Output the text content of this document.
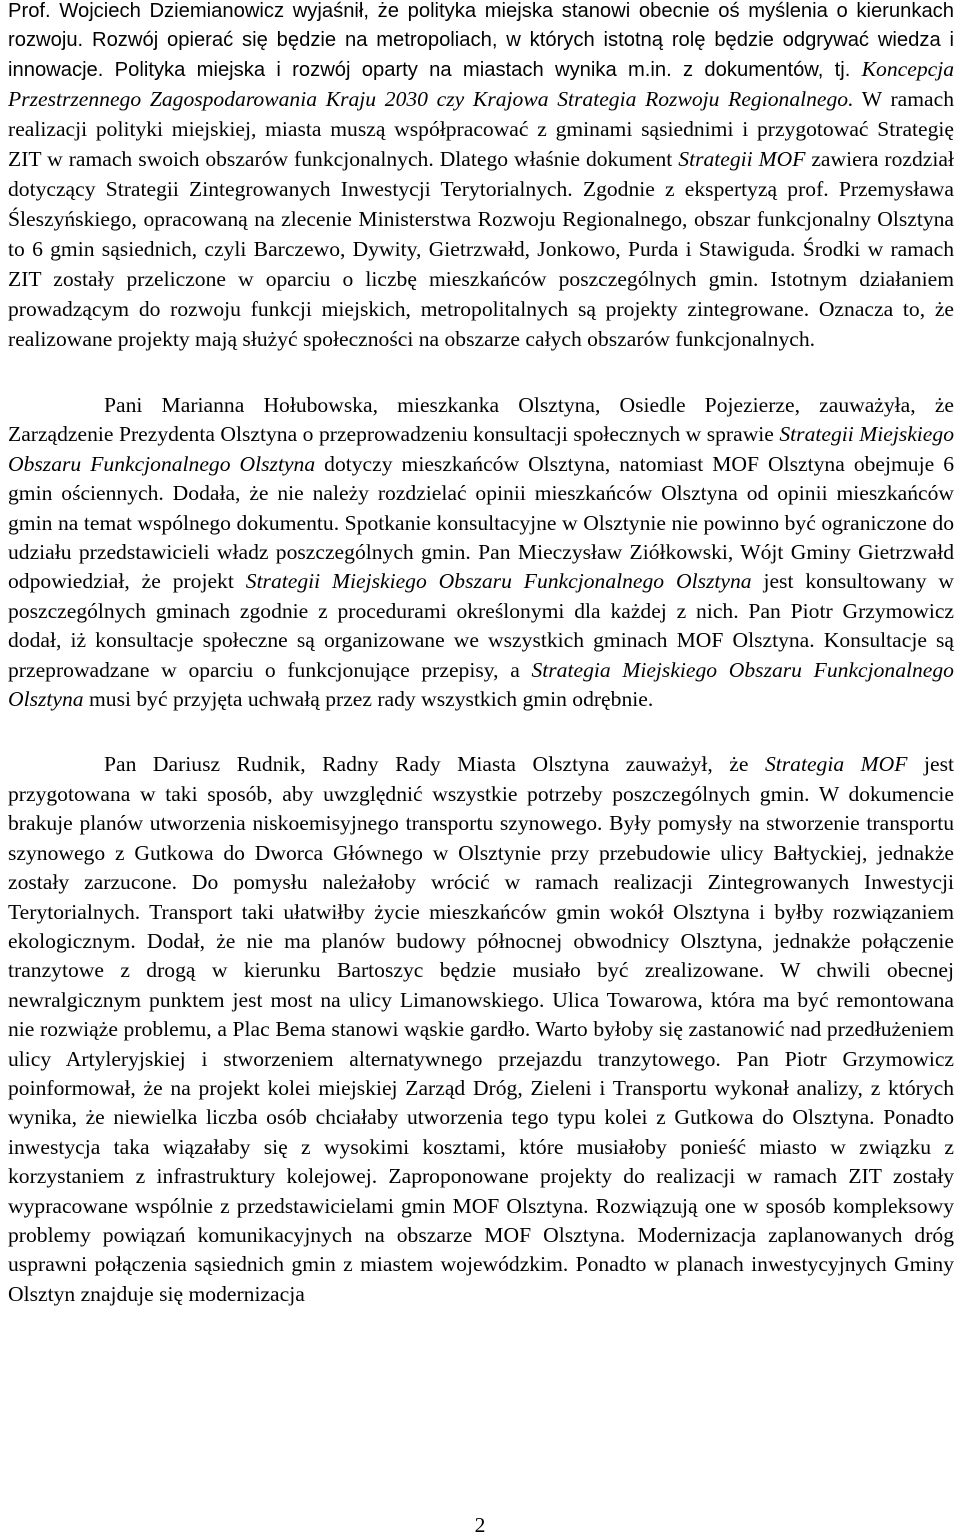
Prof. Wojciech Dziemianowicz wyjaśnił, że polityka miejska stanowi obecnie oś myślenia o kierunkach rozwoju. Rozwój opierać się będzie na metropoliach, w których istotną rolę będzie odgrywać wiedza i innowacje. Polityka miejska i rozwój oparty na miastach wynika m.in. z dokumentów, tj. Koncepcja Przestrzennego Zagospodarowania Kraju 2030 czy Krajowa Strategia Rozwoju Regionalnego. W ramach realizacji polityki miejskiej, miasta muszą współpracować z gminami sąsiednimi i przygotować Strategię ZIT w ramach swoich obszarów funkcjonalnych. Dlatego właśnie dokument Strategii MOF zawiera rozdział dotyczący Strategii Zintegrowanych Inwestycji Terytorialnych. Zgodnie z ekspertyzą prof. Przemysława Śleszyńskiego, opracowaną na zlecenie Ministerstwa Rozwoju Regionalnego, obszar funkcjonalny Olsztyna to 6 gmin sąsiednich, czyli Barczewo, Dywity, Gietrzwałd, Jonkowo, Purda i Stawiguda. Środki w ramach ZIT zostały przeliczone w oparciu o liczbę mieszkańców poszczególnych gmin. Istotnym działaniem prowadzącym do rozwoju funkcji miejskich, metropolitalnych są projekty zintegrowane. Oznacza to, że realizowane projekty mają służyć społeczności na obszarze całych obszarów funkcjonalnych.

Pani Marianna Hołubowska, mieszkanka Olsztyna, Osiedle Pojezierze, zauważyła, że Zarządzenie Prezydenta Olsztyna o przeprowadzeniu konsultacji społecznych w sprawie Strategii Miejskiego Obszaru Funkcjonalnego Olsztyna dotyczy mieszkańców Olsztyna, natomiast MOF Olsztyna obejmuje 6 gmin ościennych. Dodała, że nie należy rozdzielać opinii mieszkańców Olsztyna od opinii mieszkańców gmin na temat wspólnego dokumentu. Spotkanie konsultacyjne w Olsztynie nie powinno być ograniczone do udziału przedstawicieli władz poszczególnych gmin. Pan Mieczysław Ziółkowski, Wójt Gminy Gietrzwałd odpowiedział, że projekt Strategii Miejskiego Obszaru Funkcjonalnego Olsztyna jest konsultowany w poszczególnych gminach zgodnie z procedurami określonymi dla każdej z nich. Pan Piotr Grzymowicz dodał, iż konsultacje społeczne są organizowane we wszystkich gminach MOF Olsztyna. Konsultacje są przeprowadzane w oparciu o funkcjonujące przepisy, a Strategia Miejskiego Obszaru Funkcjonalnego Olsztyna musi być przyjęta uchwałą przez rady wszystkich gmin odrębnie.

Pan Dariusz Rudnik, Radny Rady Miasta Olsztyna zauważył, że Strategia MOF jest przygotowana w taki sposób, aby uwzględnić wszystkie potrzeby poszczególnych gmin. W dokumencie brakuje planów utworzenia niskoemisyjnego transportu szynowego. Były pomysły na stworzenie transportu szynowego z Gutkowa do Dworca Głównego w Olsztynie przy przebudowie ulicy Bałtyckiej, jednakże zostały zarzucone. Do pomysłu należałoby wrócić w ramach realizacji Zintegrowanych Inwestycji Terytorialnych. Transport taki ułatwiłby życie mieszkańców gmin wokół Olsztyna i byłby rozwiązaniem ekologicznym. Dodał, że nie ma planów budowy północnej obwodnicy Olsztyna, jednakże połączenie tranzytowe z drogą w kierunku Bartoszyc będzie musiało być zrealizowane. W chwili obecnej newralgicznym punktem jest most na ulicy Limanowskiego. Ulica Towarowa, która ma być remontowana nie rozwiąże problemu, a Plac Bema stanowi wąskie gardło. Warto byłoby się zastanowić nad przedłużeniem ulicy Artyleryjskiej i stworzeniem alternatywnego przejazdu tranzytowego. Pan Piotr Grzymowicz poinformował, że na projekt kolei miejskiej Zarząd Dróg, Zieleni i Transportu wykonał analizy, z których wynika, że niewielka liczba osób chciałaby utworzenia tego typu kolei z Gutkowa do Olsztyna. Ponadto inwestycja taka wiązałaby się z wysokimi kosztami, które musiałoby ponieść miasto w związku z korzystaniem z infrastruktury kolejowej. Zaproponowane projekty do realizacji w ramach ZIT zostały wypracowane wspólnie z przedstawicielami gmin MOF Olsztyna. Rozwiązują one w sposób kompleksowy problemy powiązań komunikacyjnych na obszarze MOF Olsztyna. Modernizacja zaplanowanych dróg usprawni połączenia sąsiednich gmin z miastem wojewódzkim. Ponadto w planach inwestycyjnych Gminy Olsztyn znajduje się modernizacja

2
